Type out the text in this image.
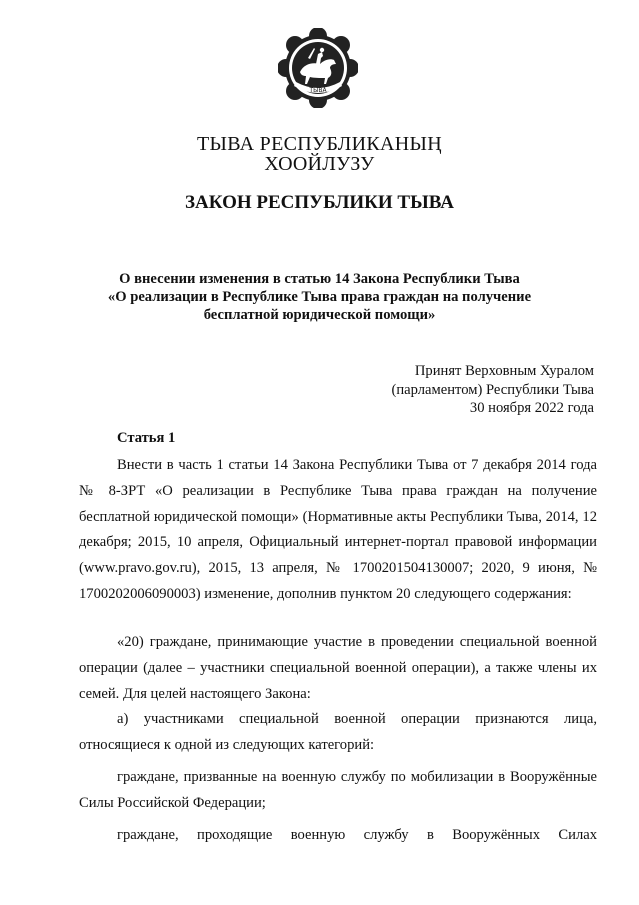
ТЫВА
ТЫВА РЕСПУБЛИКАНЫҢ
ХООЙЛУЗУ
ЗАКОН РЕСПУБЛИКИ ТЫВА
О внесении изменения в статью 14 Закона Республики Тыва
«О реализации в Республике Тыва права граждан на получение
бесплатной юридической помощи»
Принят Верховным Хуралом
(парламентом) Республики Тыва
30 ноября 2022 года
Статья 1

Внести в часть 1 статьи 14 Закона Республики Тыва от 7 декабря 2014 года № 8-ЗРТ «О реализации в Республике Тыва права граждан на получение бесплатной юридической помощи» (Нормативные акты Республики Тыва, 2014, 12 декабря; 2015, 10 апреля, Официальный интернет-портал правовой информации (www.pravo.gov.ru), 2015, 13 апреля, № 1700201504130007; 2020, 9 июня, № 1700202006090003) изменение, дополнив пунктом 20 следующего содержания:

«20) граждане, принимающие участие в проведении специальной военной операции (далее – участники специальной военной операции), а также члены их семей. Для целей настоящего Закона:

а) участниками специальной военной операции признаются лица, относящиеся к одной из следующих категорий:

граждане, призванные на военную службу по мобилизации в Вооружённые Силы Российской Федерации;

граждане, проходящие военную службу в Вооружённых Силах
